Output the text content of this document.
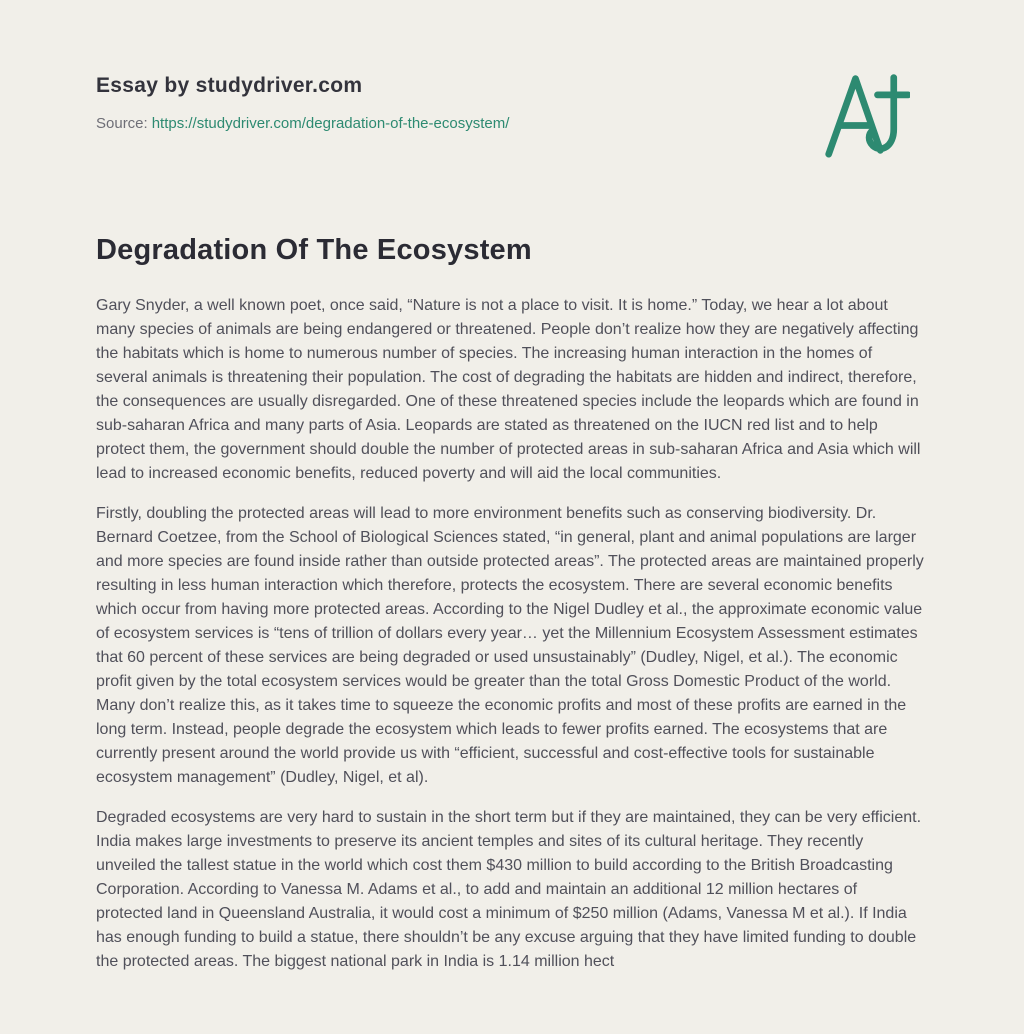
Essay by studydriver.com

Source: https://studydriver.com/degradation-of-the-ecosystem/

Degradation Of The Ecosystem

Gary Snyder, a well known poet, once said, “Nature is not a place to visit. It is home.” Today, we hear a lot about many species of animals are being endangered or threatened. People don’t realize how they are negatively affecting the habitats which is home to numerous number of species. The increasing human interaction in the homes of several animals is threatening their population. The cost of degrading the habitats are hidden and indirect, therefore, the consequences are usually disregarded. One of these threatened species include the leopards which are found in sub-saharan Africa and many parts of Asia. Leopards are stated as threatened on the IUCN red list and to help protect them, the government should double the number of protected areas in sub-saharan Africa and Asia which will lead to increased economic benefits, reduced poverty and will aid the local communities.

Firstly, doubling the protected areas will lead to more environment benefits such as conserving biodiversity. Dr. Bernard Coetzee, from the School of Biological Sciences stated, “in general, plant and animal populations are larger and more species are found inside rather than outside protected areas”. The protected areas are maintained properly resulting in less human interaction which therefore, protects the ecosystem. There are several economic benefits which occur from having more protected areas. According to the Nigel Dudley et al., the approximate economic value of ecosystem services is “tens of trillion of dollars every year… yet the Millennium Ecosystem Assessment estimates that 60 percent of these services are being degraded or used unsustainably” (Dudley, Nigel, et al.). The economic profit given by the total ecosystem services would be greater than the total Gross Domestic Product of the world. Many don’t realize this, as it takes time to squeeze the economic profits and most of these profits are earned in the long term. Instead, people degrade the ecosystem which leads to fewer profits earned. The ecosystems that are currently present around the world provide us with “efficient, successful and cost-effective tools for sustainable ecosystem management” (Dudley, Nigel, et al).

Degraded ecosystems are very hard to sustain in the short term but if they are maintained, they can be very efficient. India makes large investments to preserve its ancient temples and sites of its cultural heritage. They recently unveiled the tallest statue in the world which cost them $430 million to build according to the British Broadcasting Corporation. According to Vanessa M. Adams et al., to add and maintain an additional 12 million hectares of protected land in Queensland Australia, it would cost a minimum of $250 million (Adams, Vanessa M et al.). If India has enough funding to build a statue, there shouldn’t be any excuse arguing that they have limited funding to double the protected areas. The biggest national park in India is 1.14 million hect
